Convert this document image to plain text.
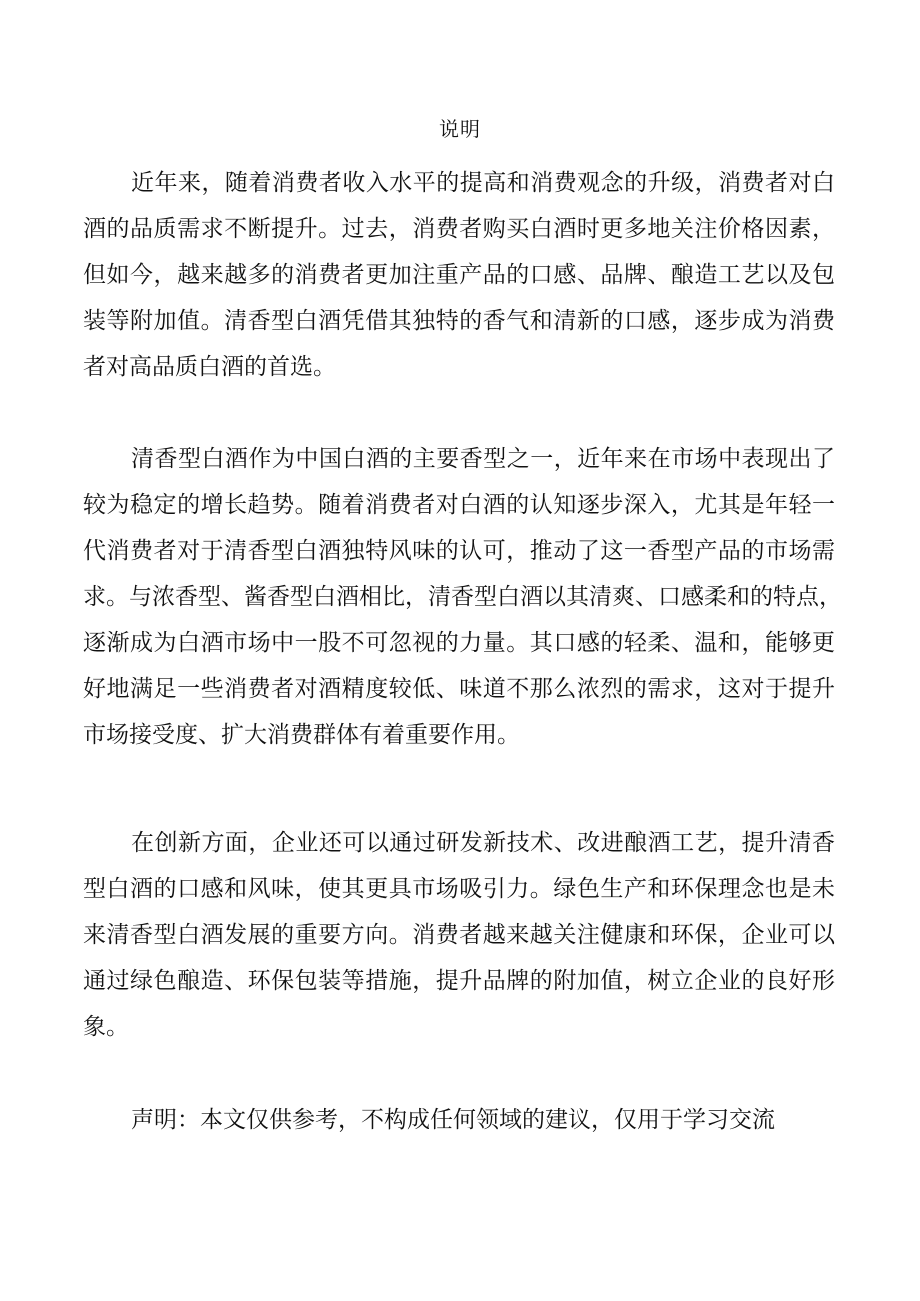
说明
近年来，随着消费者收入水平的提高和消费观念的升级，消费者对白
酒的品质需求不断提升。过去，消费者购买白酒时更多地关注价格因素，
但如今，越来越多的消费者更加注重产品的口感、品牌、酿造工艺以及包
装等附加值。清香型白酒凭借其独特的香气和清新的口感，逐步成为消费
者对高品质白酒的首选。
清香型白酒作为中国白酒的主要香型之一，近年来在市场中表现出了
较为稳定的增长趋势。随着消费者对白酒的认知逐步深入，尤其是年轻一
代消费者对于清香型白酒独特风味的认可，推动了这一香型产品的市场需
求。与浓香型、酱香型白酒相比，清香型白酒以其清爽、口感柔和的特点，
逐渐成为白酒市场中一股不可忽视的力量。其口感的轻柔、温和，能够更
好地满足一些消费者对酒精度较低、味道不那么浓烈的需求，这对于提升
市场接受度、扩大消费群体有着重要作用。
在创新方面，企业还可以通过研发新技术、改进酿酒工艺，提升清香
型白酒的口感和风味，使其更具市场吸引力。绿色生产和环保理念也是未
来清香型白酒发展的重要方向。消费者越来越关注健康和环保，企业可以
通过绿色酿造、环保包装等措施，提升品牌的附加值，树立企业的良好形
象。
声明：本文仅供参考，不构成任何领域的建议，仅用于学习交流
